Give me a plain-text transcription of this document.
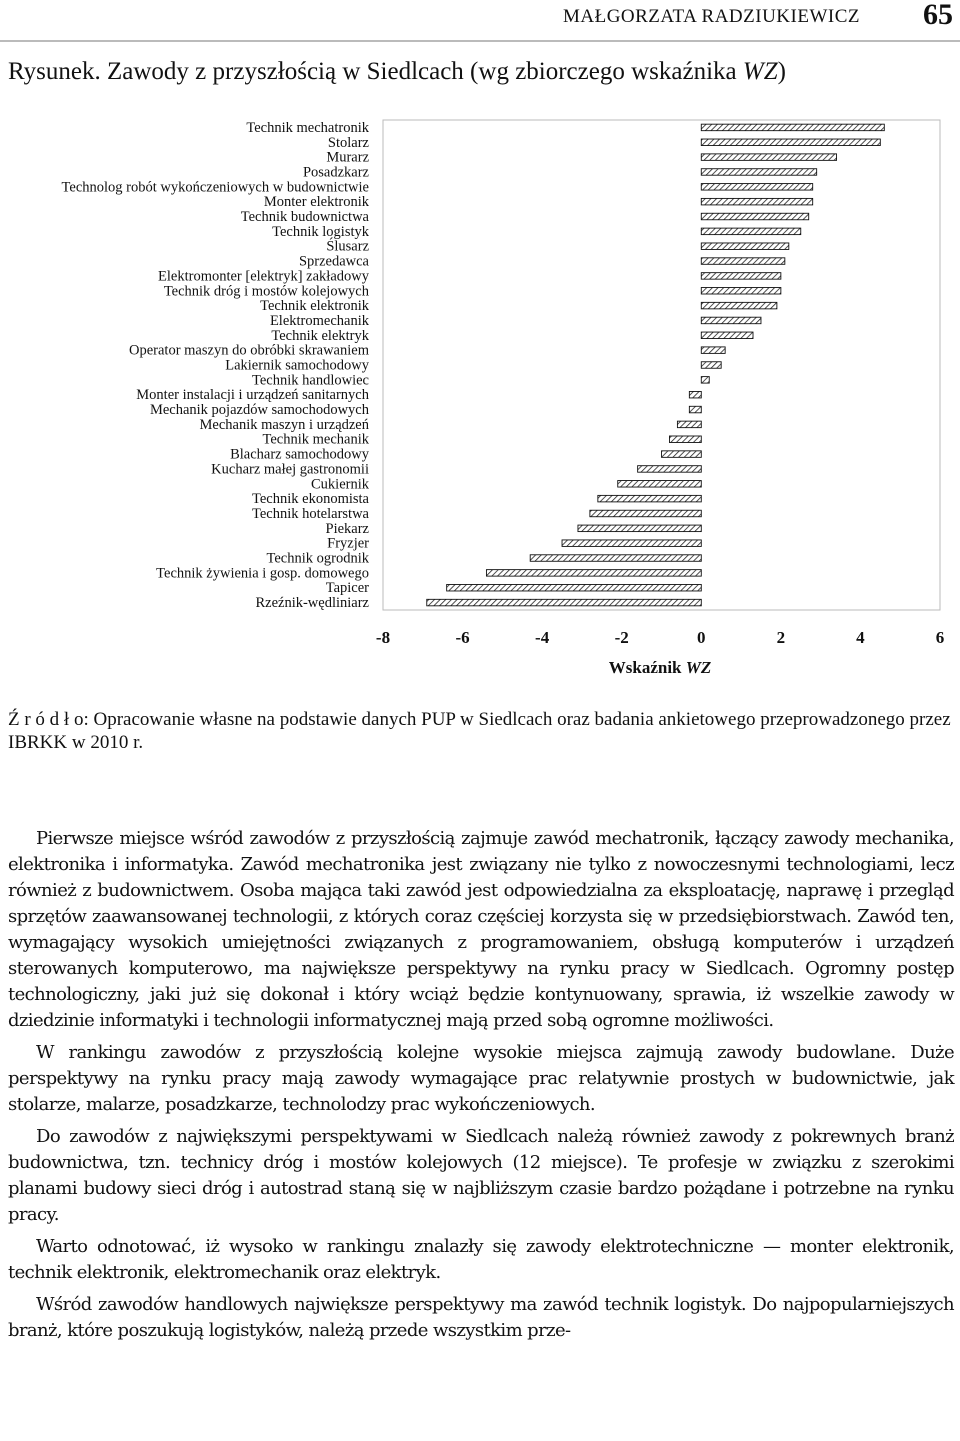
MAŁGORZATA RADZIUKIEWICZ 65
Rysunek. Zawody z przyszłością w Siedlcach (wg zbiorczego wskaźnika WZ)
Technik mechatronik
Stolarz
Murarz
Posadzkarz
Technolog robót wykończeniowych w budownictwie
Monter elektronik
Technik budownictwa
Technik logistyk
Ślusarz
Sprzedawca
Elektromonter [elektryk] zakładowy
Technik dróg i mostów kolejowych
Technik elektronik
Elektromechanik
Technik elektryk
Operator maszyn do obróbki skrawaniem
Lakiernik samochodowy
Technik handlowiec
Monter instalacji i urządzeń sanitarnych
Mechanik pojazdów samochodowych
Mechanik maszyn i urządzeń
Technik mechanik
Blacharz samochodowy
Kucharz małej gastronomii
Cukiernik
Technik ekonomista
Technik hotelarstwa
Piekarz
Fryzjer
Technik ogrodnik
Technik żywienia i gosp. domowego
Tapicer
Rzeźnik-wędliniarz
-8	-6	-4	-2	0	2	4	6
Wskaźnik WZ
Ź r ó d ł o: Opracowanie własne na podstawie danych PUP w Siedlcach oraz badania ankietowego przeprowadzonego przez IBRKK w 2010 r.

Pierwsze miejsce wśród zawodów z przyszłością zajmuje zawód mechatronik, łączący zawody mechanika, elektronika i informatyka. Zawód mechatronika jest związany nie tylko z nowoczesnymi technologiami, lecz również z budownictwem. Osoba mająca taki zawód jest odpowiedzialna za eksploatację, naprawę i przegląd sprzętów zaawansowanej technologii, z których coraz częściej korzysta się w przedsiębiorstwach. Zawód ten, wymagający wysokich umiejętności związanych z programowaniem, obsługą komputerów i urządzeń sterowanych komputerowo, ma największe perspektywy na rynku pracy w Siedlcach. Ogromny postęp technologiczny, jaki już się dokonał i który wciąż będzie kontynuowany, sprawia, iż wszelkie zawody w dziedzinie informatyki i technologii informatycznej mają przed sobą ogromne możliwości.

W rankingu zawodów z przyszłością kolejne wysokie miejsca zajmują zawody budowlane. Duże perspektywy na rynku pracy mają zawody wymagające prac relatywnie prostych w budownictwie, jak stolarze, malarze, posadzkarze, technolodzy prac wykończeniowych.

Do zawodów z największymi perspektywami w Siedlcach należą również zawody z pokrewnych branż budownictwa, tzn. technicy dróg i mostów kolejowych (12 miejsce). Te profesje w związku z szerokimi planami budowy sieci dróg i autostrad staną się w najbliższym czasie bardzo pożądane i potrzebne na rynku pracy.

Warto odnotować, iż wysoko w rankingu znalazły się zawody elektrotechniczne — monter elektronik, technik elektronik, elektromechanik oraz elektryk.

Wśród zawodów handlowych największe perspektywy ma zawód technik logistyk. Do najpopularniejszych branż, które poszukują logistyków, należą przede wszystkim prze-
